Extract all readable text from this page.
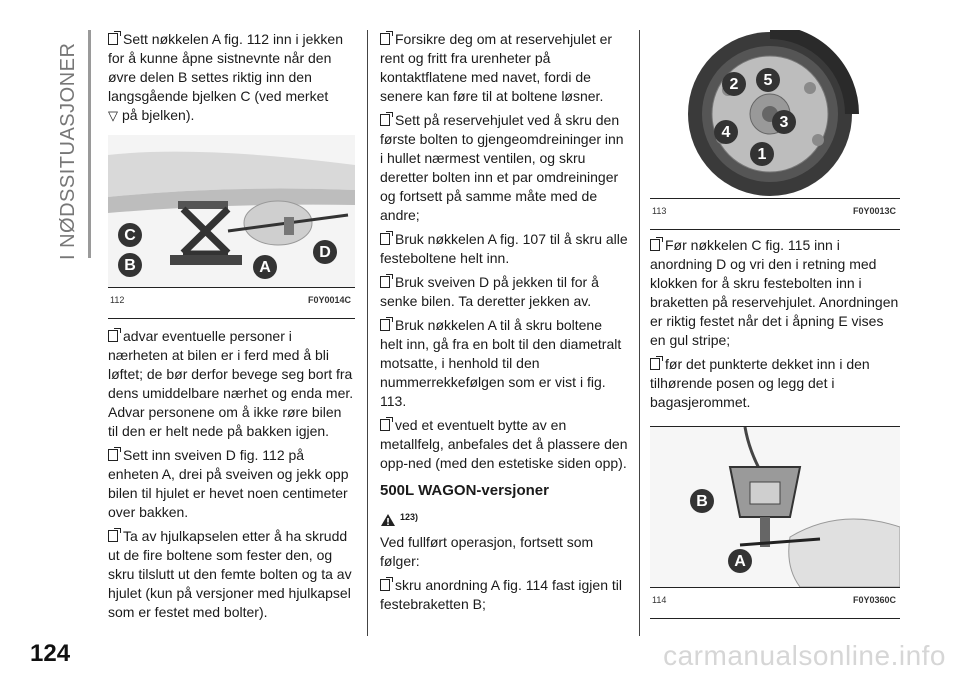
I NØDSSITUASJONER
124	carmanualsonline.info

Sett nøkkelen A fig. 112 inn i jekken for å kunne åpne sistnevnte når den øvre delen B settes riktig inn den langsgående bjelken C (ved merket
▽ på bjelken).

C
B	A
D
112	F0Y0014C

advar eventuelle personer i nærheten at bilen er i ferd med å bli løftet; de bør derfor bevege seg bort fra dens umiddelbare nærhet og enda mer. Advar personene om å ikke røre bilen til den er helt nede på bakken igjen.

Sett inn sveiven D fig. 112 på enheten A, drei på sveiven og jekk opp bilen til hjulet er hevet noen centimeter over bakken.

Ta av hjulkapselen etter å ha skrudd ut de fire boltene som fester den, og skru tilslutt ut den femte bolten og ta av hjulet (kun på versjoner med hjulkapsel som er festet med bolter).

Forsikre deg om at reservehjulet er rent og fritt fra urenheter på kontaktflatene med navet, fordi de senere kan føre til at boltene løsner.

Sett på reservehjulet ved å skru den første bolten to gjengeomdreininger inn i hullet nærmest ventilen, og skru deretter bolten inn et par omdreininger og fortsett på samme måte med de andre;

Bruk nøkkelen A fig. 107 til å skru alle festeboltene helt inn.

Bruk sveiven D på jekken til for å senke bilen. Ta deretter jekken av.

Bruk nøkkelen A til å skru boltene helt inn, gå fra en bolt til den diametralt motsatte, i henhold til den nummerrekkefølgen som er vist i fig. 113.

ved et eventuelt bytte av en metallfelg, anbefales det å plassere den opp-ned (med den estetiske siden opp).

500L WAGON-versjoner
123)

Ved fullført operasjon, fortsett som følger:

skru anordning A fig. 114 fast igjen til festebraketten B;

2	5
4
3
1
113	F0Y0013C

Før nøkkelen C fig. 115 inn i anordning D og vri den i retning med klokken for å skru festebolten inn i braketten på reservehjulet. Anordningen er riktig festet når det i åpning E vises en gul stripe;

før det punkterte dekket inn i den tilhørende posen og legg det i bagasjerommet.

B
A
114	F0Y0360C
